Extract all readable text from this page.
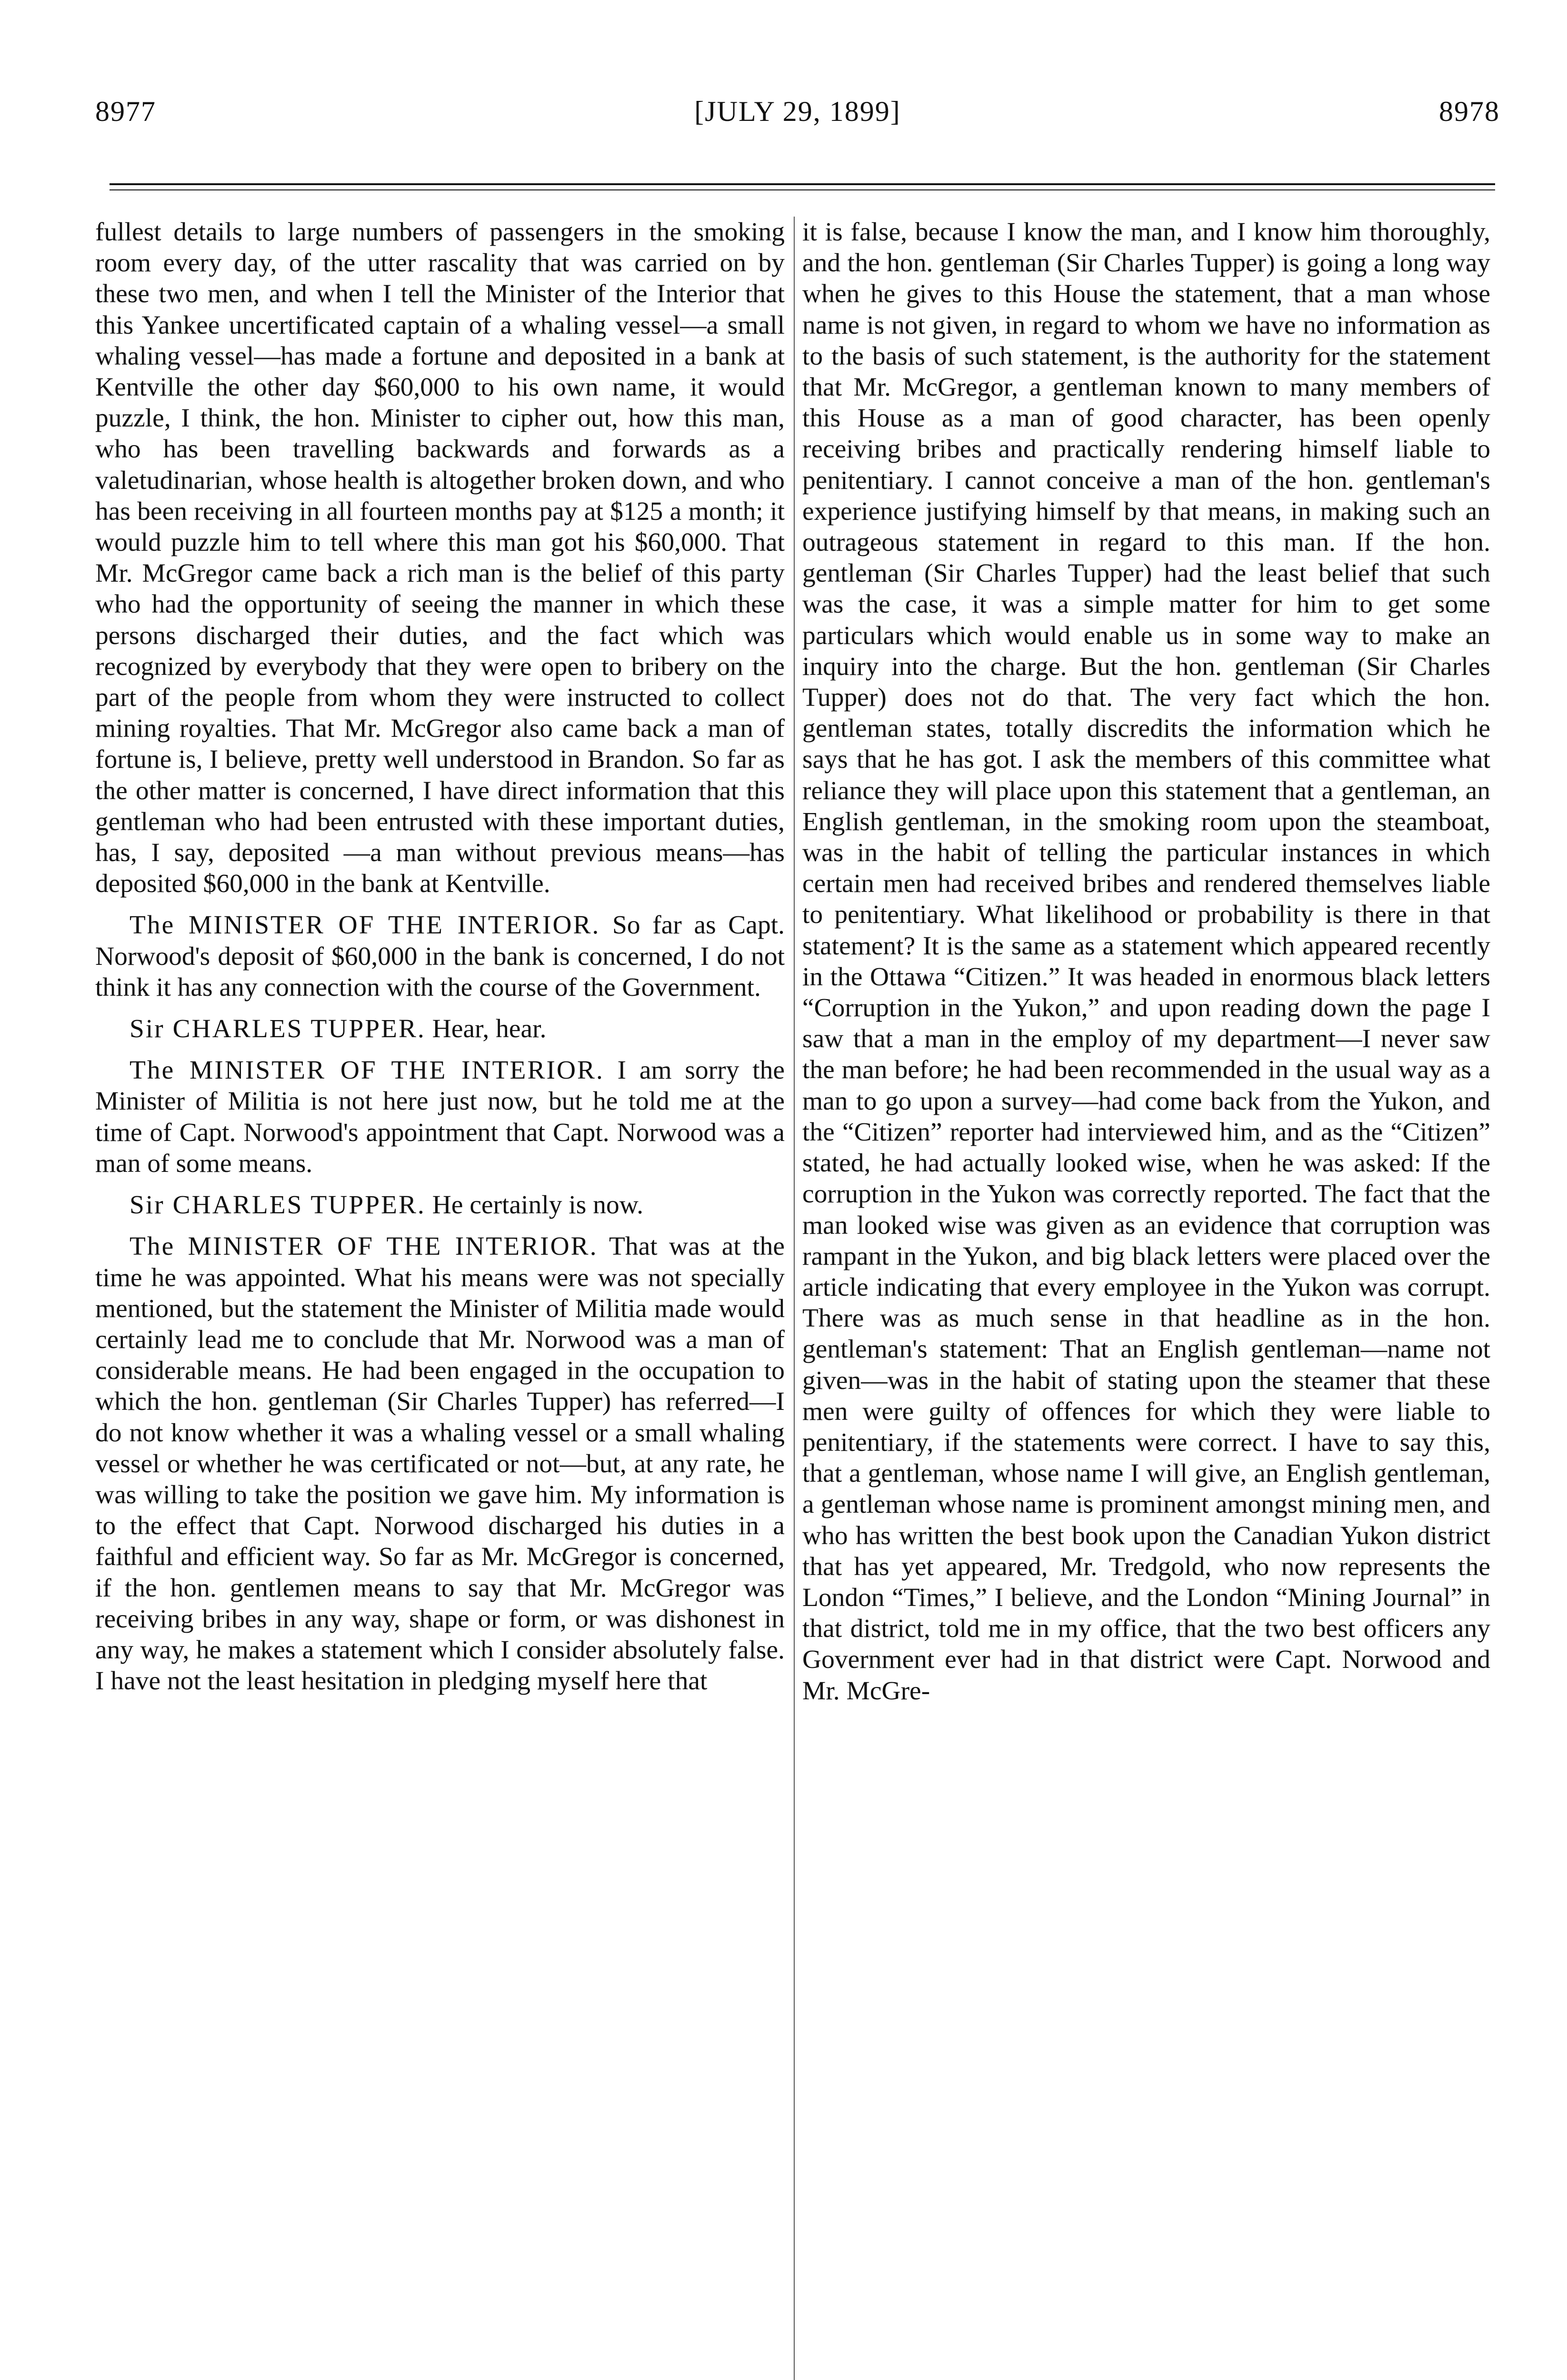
8977	[JULY 29, 1899]	8978

fullest details to large numbers of passengers in the smoking room every day, of the utter rascality that was carried on by these two men, and when I tell the Minister of the Interior that this Yankee uncertificated captain of a whaling vessel—a small whaling vessel—has made a fortune and deposited in a bank at Kentville the other day $60,000 to his own name, it would puzzle, I think, the hon. Minister to cipher out, how this man, who has been travelling backwards and forwards as a valetudinarian, whose health is altogether broken down, and who has been receiving in all fourteen months pay at $125 a month; it would puzzle him to tell where this man got his $60,000. That Mr. McGregor came back a rich man is the belief of this party who had the opportunity of seeing the manner in which these persons discharged their duties, and the fact which was recognized by everybody that they were open to bribery on the part of the people from whom they were instructed to collect mining royalties. That Mr. McGregor also came back a man of fortune is, I believe, pretty well understood in Brandon. So far as the other matter is concerned, I have direct information that this gentleman who had been entrusted with these important duties, has, I say, deposited —a man without previous means—has deposited $60,000 in the bank at Kentville.

The MINISTER OF THE INTERIOR. So far as Capt. Norwood's deposit of $60,000 in the bank is concerned, I do not think it has any connection with the course of the Government.

Sir CHARLES TUPPER. Hear, hear.

The MINISTER OF THE INTERIOR. I am sorry the Minister of Militia is not here just now, but he told me at the time of Capt. Norwood's appointment that Capt. Norwood was a man of some means.

Sir CHARLES TUPPER. He certainly is now.

The MINISTER OF THE INTERIOR. That was at the time he was appointed. What his means were was not specially mentioned, but the statement the Minister of Militia made would certainly lead me to conclude that Mr. Norwood was a man of considerable means. He had been engaged in the occupation to which the hon. gentleman (Sir Charles Tupper) has referred—I do not know whether it was a whaling vessel or a small whaling vessel or whether he was certificated or not—but, at any rate, he was willing to take the position we gave him. My information is to the effect that Capt. Norwood discharged his duties in a faithful and efficient way. So far as Mr. McGregor is concerned, if the hon. gentlemen means to say that Mr. McGregor was receiving bribes in any way, shape or form, or was dishonest in any way, he makes a statement which I consider absolutely false. I have not the least hesitation in pledging myself here that

it is false, because I know the man, and I know him thoroughly, and the hon. gentleman (Sir Charles Tupper) is going a long way when he gives to this House the statement, that a man whose name is not given, in regard to whom we have no information as to the basis of such statement, is the authority for the statement that Mr. McGregor, a gentleman known to many members of this House as a man of good character, has been openly receiving bribes and practically rendering himself liable to penitentiary. I cannot conceive a man of the hon. gentleman's experience justifying himself by that means, in making such an outrageous statement in regard to this man. If the hon. gentleman (Sir Charles Tupper) had the least belief that such was the case, it was a simple matter for him to get some particulars which would enable us in some way to make an inquiry into the charge. But the hon. gentleman (Sir Charles Tupper) does not do that. The very fact which the hon. gentleman states, totally discredits the information which he says that he has got. I ask the members of this committee what reliance they will place upon this statement that a gentleman, an English gentleman, in the smoking room upon the steamboat, was in the habit of telling the particular instances in which certain men had received bribes and rendered themselves liable to penitentiary. What likelihood or probability is there in that statement? It is the same as a statement which appeared recently in the Ottawa “Citizen.” It was headed in enormous black letters “Corruption in the Yukon,” and upon reading down the page I saw that a man in the employ of my department—I never saw the man before; he had been recommended in the usual way as a man to go upon a survey—had come back from the Yukon, and the “Citizen” reporter had interviewed him, and as the “Citizen” stated, he had actually looked wise, when he was asked: If the corruption in the Yukon was correctly reported. The fact that the man looked wise was given as an evidence that corruption was rampant in the Yukon, and big black letters were placed over the article indicating that every employee in the Yukon was corrupt. There was as much sense in that headline as in the hon. gentleman's statement: That an English gentleman—name not given—was in the habit of stating upon the steamer that these men were guilty of offences for which they were liable to penitentiary, if the statements were correct. I have to say this, that a gentleman, whose name I will give, an English gentleman, a gentleman whose name is prominent amongst mining men, and who has written the best book upon the Canadian Yukon district that has yet appeared, Mr. Tredgold, who now represents the London “Times,” I believe, and the London “Mining Journal” in that district, told me in my office, that the two best officers any Government ever had in that district were Capt. Norwood and Mr. McGre-
